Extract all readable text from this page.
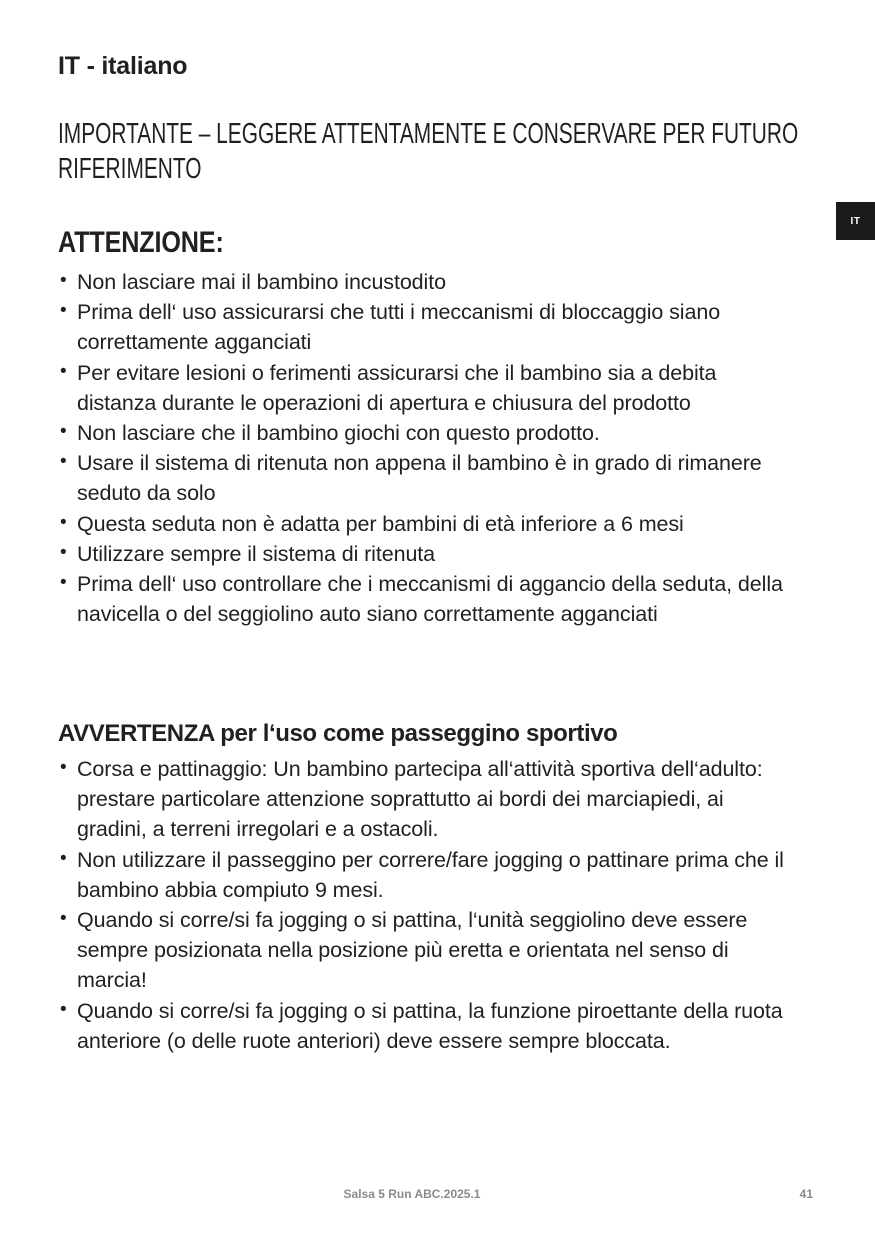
IT - italiano
IMPORTANTE – LEGGERE ATTENTAMENTE E CONSERVARE PER FUTURO RIFERIMENTO
ATTENZIONE:
• Non lasciare mai il bambino incustodito
• Prima dell‘ uso assicurarsi che tutti i meccanismi di bloccaggio siano correttamente agganciati
• Per evitare lesioni o ferimenti assicurarsi che il bambino sia a debita distanza durante le operazioni di apertura e chiusura del prodotto
• Non lasciare che il bambino giochi con questo prodotto.
• Usare il sistema di ritenuta non appena il bambino è in grado di rimanere seduto da solo
• Questa seduta non è adatta per bambini di età inferiore a 6 mesi
• Utilizzare sempre il sistema di ritenuta
• Prima dell‘ uso controllare che i meccanismi di aggancio della seduta, della navicella o del seggiolino auto siano correttamente agganciati
AVVERTENZA per l‘uso come passeggino sportivo
• Corsa e pattinaggio: Un bambino partecipa all‘attività sportiva dell‘adulto: prestare particolare attenzione soprattutto ai bordi dei marciapiedi, ai gradini, a terreni irregolari e a ostacoli.
• Non utilizzare il passeggino per correre/fare jogging o pattinare prima che il bambino abbia compiuto 9 mesi.
• Quando si corre/si fa jogging o si pattina, l‘unità seggiolino deve essere sempre posizionata nella posizione più eretta e orientata nel senso di marcia!
• Quando si corre/si fa jogging o si pattina, la funzione piroettante della ruota anteriore (o delle ruote anteriori) deve essere sempre bloccata.
IT
Salsa 5 Run ABC.2025.1	41
